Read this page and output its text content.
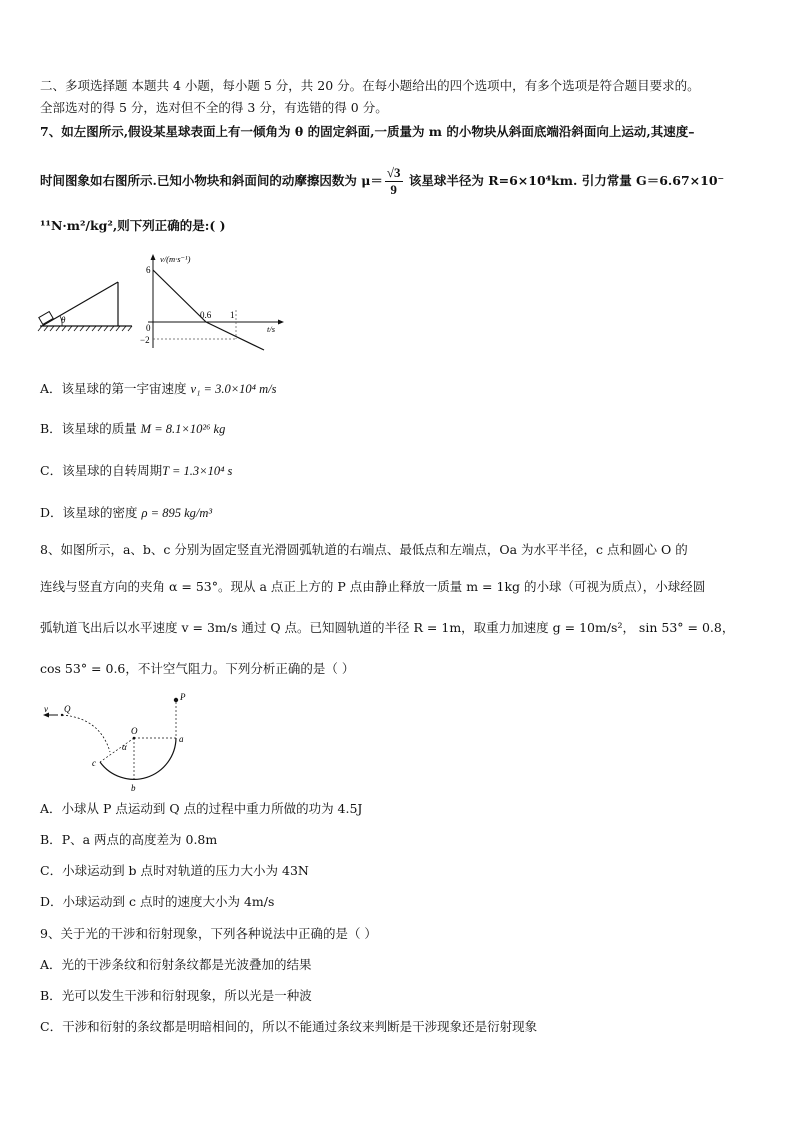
二、多项选择题 本题共 4 小题，每小题 5 分，共 20 分。在每小题给出的四个选项中，有多个选项是符合题目要求的。
全部选对的得 5 分，选对但不全的得 3 分，有选错的得 0 分。
7、如左图所示,假设某星球表面上有一倾角为 θ 的固定斜面,一质量为 m 的小物块从斜面底端沿斜面向上运动,其速度–
时间图象如右图所示.已知小物块和斜面间的动摩擦因数为 $\mu= \frac{√3}{9}$ 该星球半径为 R=6×10⁴km. 引力常量 G＝6.67×10⁻
¹¹N·m²/kg²,则下列正确的是:( )
θ
v/(m·s⁻¹)
t/s
6
0
−2
0.6 1
A．该星球的第一宇宙速度 v₁ = 3.0×10⁴ m/s
B．该星球的质量 M = 8.1×10²⁶ kg
C．该星球的自转周期T = 1.3×10⁴ s
D．该星球的密度 ρ = 895 kg/m³
8、如图所示，a、b、c 分别为固定竖直光滑圆弧轨道的右端点、最低点和左端点，Oa 为水平半径，c 点和圆心 O 的
连线与竖直方向的夹角 α = 53°。现从 a 点正上方的 P 点由静止释放一质量 m = 1kg 的小球（可视为质点），小球经圆
弧轨道飞出后以水平速度 v = 3m/s 通过 Q 点。已知圆轨道的半径 R = 1m，取重力加速度 g = 10m/s²， sin 53° = 0.8，
cos 53° = 0.6，不计空气阻力。下列分析正确的是（ ）
v Q
P
O
α
a
b
c
A．小球从 P 点运动到 Q 点的过程中重力所做的功为 4.5J
B．P、a 两点的高度差为 0.8m
C．小球运动到 b 点时对轨道的压力大小为 43N
D．小球运动到 c 点时的速度大小为 4m/s
9、关于光的干涉和衍射现象，下列各种说法中正确的是（ ）
A．光的干涉条纹和衍射条纹都是光波叠加的结果
B．光可以发生干涉和衍射现象，所以光是一种波
C．干涉和衍射的条纹都是明暗相间的，所以不能通过条纹来判断是干涉现象还是衍射现象
